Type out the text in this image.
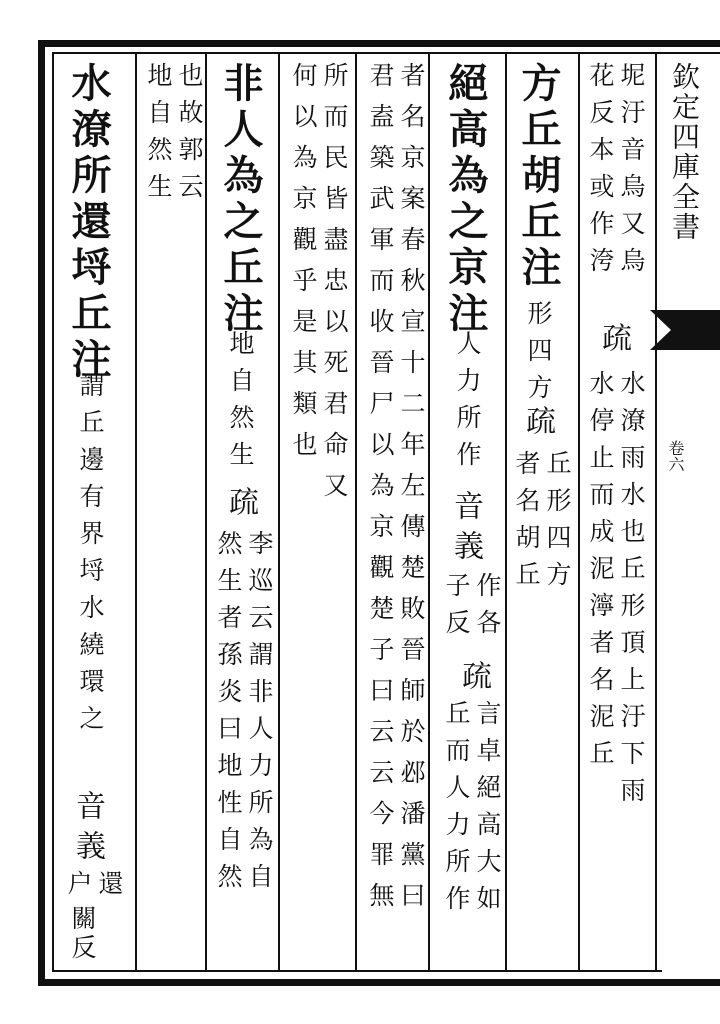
欽定四庫全書
卷六
坭汙音烏又烏
花反本或作洿
疏
水潦雨水也丘形頂上汙下雨
水停止而成泥濘者名泥丘
方丘胡丘注
形四方
疏
丘形四方
者名胡丘
絕高為之京注
人力所作
音義
作各
子反
疏
言卓絕高大如
丘而人力所作
者名京案春秋宣十二年左傳楚敗晉師於邲潘黨曰
君盍築武軍而收晉尸以為京觀楚子曰云云今罪無
所而民皆盡忠以死君命又
何以為京觀乎是其類也
非人為之丘注
地自然生
疏
李巡云謂非人力所為自
然生者孫炎曰地性自然
也故郭云
地自然生
水潦所還埒丘注
謂丘邊有界埒水繞環之
音義
還
户
關反
